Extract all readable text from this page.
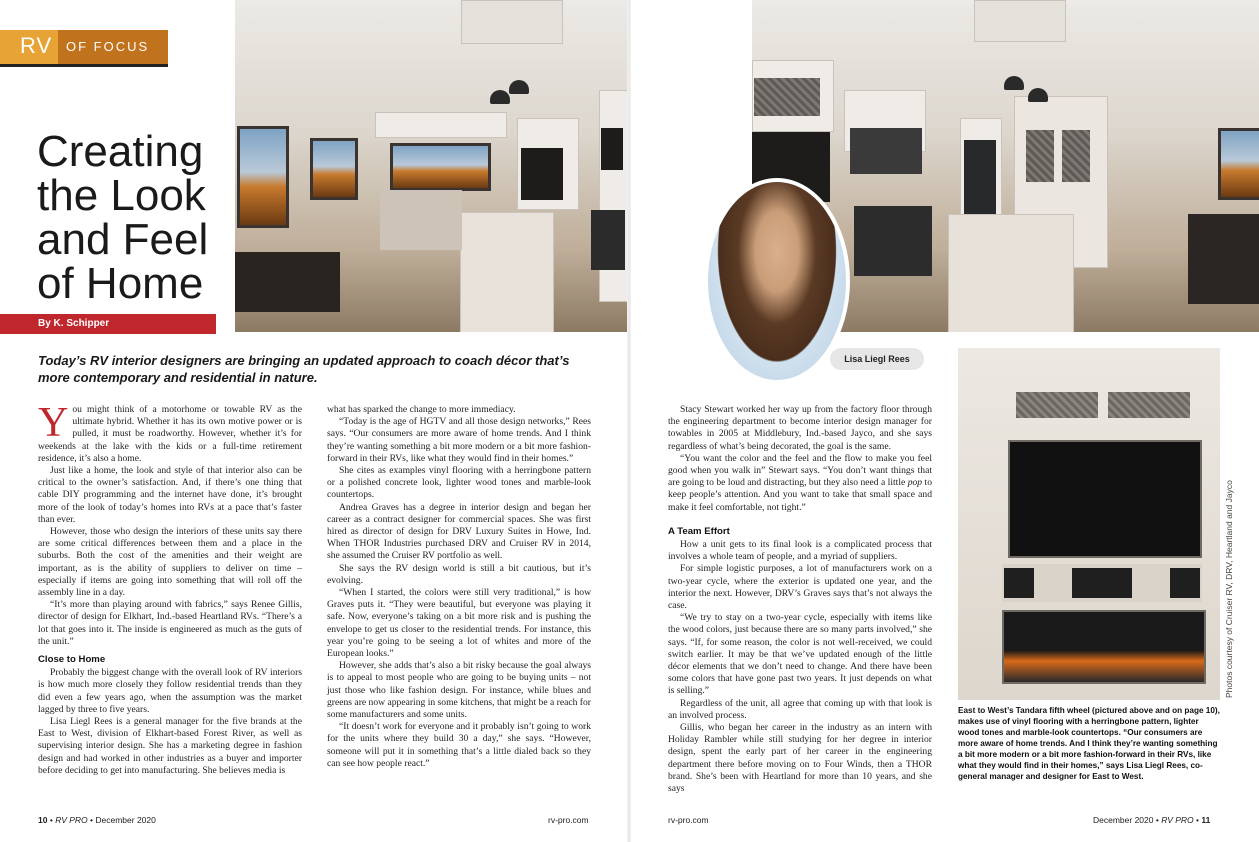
RV	OF FOCUS
Creating
the Look
and Feel
of Home
By K. Schipper
Lisa Liegl Rees
Today’s RV interior designers are bringing an updated approach to coach décor that’s more contemporary and residential in nature.

You might think of a motorhome or towable RV as the ultimate hybrid. Whether it has its own motive power or is pulled, it must be roadworthy. However, whether it’s for weekends at the lake with the kids or a full-time retirement residence, it’s also a home.

Just like a home, the look and style of that interior also can be critical to the owner’s satisfaction. And, if there’s one thing that cable DIY programming and the internet have done, it’s brought more of the look of today’s homes into RVs at a pace that’s faster than ever.

However, those who design the interiors of these units say there are some critical differences between them and a place in the suburbs. Both the cost of the amenities and their weight are important, as is the ability of suppliers to deliver on time – especially if items are going into something that will roll off the assembly line in a day.

“It’s more than playing around with fabrics,” says Renee Gillis, director of design for Elkhart, Ind.-based Heartland RVs. “There’s a lot that goes into it. The inside is engineered as much as the guts of the unit.”

Close to Home

Probably the biggest change with the overall look of RV interiors is how much more closely they follow residential trends than they did even a few years ago, when the assumption was the market lagged by three to five years.

Lisa Liegl Rees is a general manager for the five brands at the East to West, division of Elkhart-based Forest River, as well as supervising interior design. She has a marketing degree in fashion design and had worked in other industries as a buyer and importer before deciding to get into manufacturing. She believes media is

what has sparked the change to more immediacy.

“Today is the age of HGTV and all those design networks,” Rees says. “Our consumers are more aware of home trends. And I think they’re wanting something a bit more modern or a bit more fashion-forward in their RVs, like what they would find in their homes.”

She cites as examples vinyl flooring with a herringbone pattern or a polished concrete look, lighter wood tones and marble-look countertops.

Andrea Graves has a degree in interior design and began her career as a contract designer for commercial spaces. She was first hired as director of design for DRV Luxury Suites in Howe, Ind. When THOR Industries purchased DRV and Cruiser RV in 2014, she assumed the Cruiser RV portfolio as well.

She says the RV design world is still a bit cautious, but it’s evolving.

“When I started, the colors were still very traditional,” is how Graves puts it. “They were beautiful, but everyone was playing it safe. Now, everyone’s taking on a bit more risk and is pushing the envelope to get us closer to the residential trends. For instance, this year you’re going to be seeing a lot of whites and more of the European looks.”

However, she adds that’s also a bit risky because the goal always is to appeal to most people who are going to be buying units – not just those who like fashion design. For instance, while blues and greens are now appearing in some kitchens, that might be a reach for some manufacturers and some units.

“It doesn’t work for everyone and it probably isn’t going to work for the units where they build 30 a day,” she says. “However, someone will put it in something that’s a little dialed back so they can see how people react.”

Stacy Stewart worked her way up from the factory floor through the engineering department to become interior design manager for towables in 2005 at Middlebury, Ind.-based Jayco, and she says regardless of what’s being decorated, the goal is the same.

“You want the color and the feel and the flow to make you feel good when you walk in” Stewart says. “You don’t want things that are going to be loud and distracting, but they also need a little pop to keep people’s attention. And you want to take that small space and make it feel comfortable, not tight.”

A Team Effort

How a unit gets to its final look is a complicated process that involves a whole team of people, and a myriad of suppliers.

For simple logistic purposes, a lot of manufacturers work on a two-year cycle, where the exterior is updated one year, and the interior the next. However, DRV’s Graves says that’s not always the case.

“We try to stay on a two-year cycle, especially with items like the wood colors, just because there are so many parts involved,” she says. “If, for some reason, the color is not well-received, we could switch earlier. It may be that we’ve updated enough of the little décor elements that we don’t need to change. And there have been some colors that have gone past two years. It just depends on what is selling.”

Regardless of the unit, all agree that coming up with that look is an involved process.

Gillis, who began her career in the industry as an intern with Holiday Rambler while still studying for her degree in interior design, spent the early part of her career in the engineering department there before moving on to Four Winds, then a THOR brand. She’s been with Heartland for more than 10 years, and she says

Photos courtesy of Cruiser RV, DRV, Heartland and Jayco
East to West’s Tandara fifth wheel (pictured above and on page 10), makes use of vinyl flooring with a herringbone pattern, lighter wood tones and marble-look countertops. “Our consumers are more aware of home trends. And I think they’re wanting something a bit more modern or a bit more fashion-forward in their RVs, like what they would find in their homes,” says Lisa Liegl Rees, co-general manager and designer for East to West.
10 • RV PRO • December 2020	rv-pro.com	rv-pro.com	December 2020 • RV PRO • 11
